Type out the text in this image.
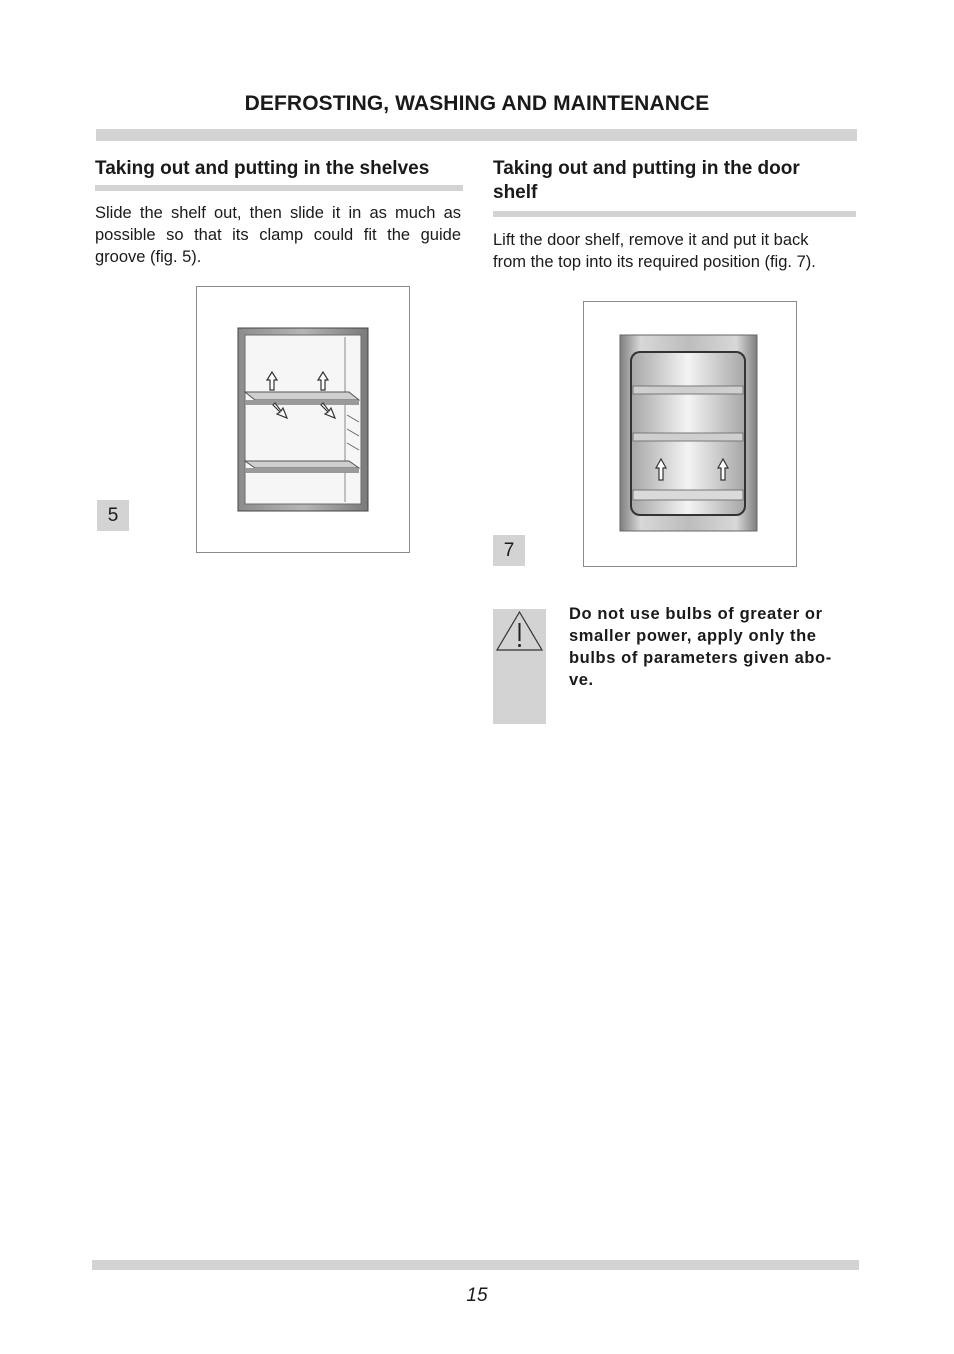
DEFROSTING, WASHING AND MAINTENANCE
Taking out and putting in the shelves
Slide the shelf out, then slide it in as much as possible so that its clamp could fit the guide groove (fig. 5).
5
Taking out and putting in the door
shelf
Lift the door shelf, remove it and put it back
from the top into its required position (fig. 7).
7
Do not use bulbs of greater or
smaller power, apply only the
bulbs of parameters given abo-
ve.
15
